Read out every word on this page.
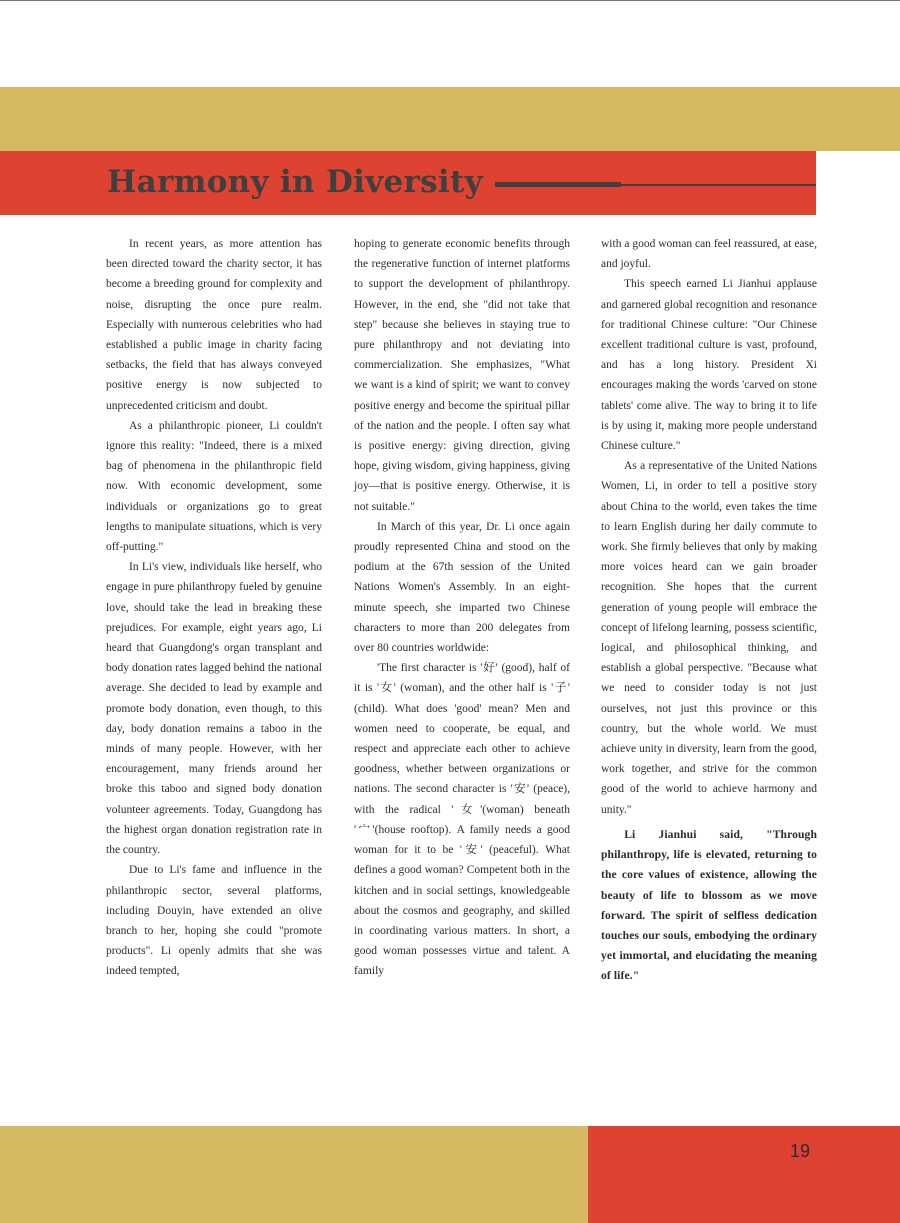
Harmony in Diversity

In recent years, as more attention has been directed toward the charity sector, it has become a breeding ground for complexity and noise, disrupting the once pure realm. Especially with numerous celebrities who had established a public image in charity facing setbacks, the field that has always conveyed positive energy is now subjected to unprecedented criticism and doubt.

As a philanthropic pioneer, Li couldn't ignore this reality: "Indeed, there is a mixed bag of phenomena in the philanthropic field now. With economic development, some individuals or organizations go to great lengths to manipulate situations, which is very off-putting."

In Li's view, individuals like herself, who engage in pure philanthropy fueled by genuine love, should take the lead in breaking these prejudices. For example, eight years ago, Li heard that Guangdong's organ transplant and body donation rates lagged behind the national average. She decided to lead by example and promote body donation, even though, to this day, body donation remains a taboo in the minds of many people. However, with her encouragement, many friends around her broke this taboo and signed body donation volunteer agreements. Today, Guangdong has the highest organ donation registration rate in the country.

Due to Li's fame and influence in the philanthropic sector, several platforms, including Douyin, have extended an olive branch to her, hoping she could "promote products". Li openly admits that she was indeed tempted,

hoping to generate economic benefits through the regenerative function of internet platforms to support the development of philanthropy. However, in the end, she "did not take that step" because she believes in staying true to pure philanthropy and not deviating into commercialization. She emphasizes, "What we want is a kind of spirit; we want to convey positive energy and become the spiritual pillar of the nation and the people. I often say what is positive energy: giving direction, giving hope, giving wisdom, giving happiness, giving joy—that is positive energy. Otherwise, it is not suitable."

In March of this year, Dr. Li once again proudly represented China and stood on the podium at the 67th session of the United Nations Women's Assembly. In an eight-minute speech, she imparted two Chinese characters to more than 200 delegates from over 80 countries worldwide:

'The first character is '好' (good), half of it is '女' (woman), and the other half is '子' (child). What does 'good' mean? Men and women need to cooperate, be equal, and respect and appreciate each other to achieve goodness, whether between organizations or nations. The second character is '安' (peace), with the radical '女'(woman) beneath '宀'(house rooftop). A family needs a good woman for it to be '安' (peaceful). What defines a good woman? Competent both in the kitchen and in social settings, knowledgeable about the cosmos and geography, and skilled in coordinating various matters. In short, a good woman possesses virtue and talent. A family

with a good woman can feel reassured, at ease, and joyful.

This speech earned Li Jianhui applause and garnered global recognition and resonance for traditional Chinese culture: "Our Chinese excellent traditional culture is vast, profound, and has a long history. President Xi encourages making the words 'carved on stone tablets' come alive. The way to bring it to life is by using it, making more people understand Chinese culture."

As a representative of the United Nations Women, Li, in order to tell a positive story about China to the world, even takes the time to learn English during her daily commute to work. She firmly believes that only by making more voices heard can we gain broader recognition. She hopes that the current generation of young people will embrace the concept of lifelong learning, possess scientific, logical, and philosophical thinking, and establish a global perspective. "Because what we need to consider today is not just ourselves, not just this province or this country, but the whole world. We must achieve unity in diversity, learn from the good, work together, and strive for the common good of the world to achieve harmony and unity."

Li Jianhui said, "Through philanthropy, life is elevated, returning to the core values of existence, allowing the beauty of life to blossom as we move forward. The spirit of selfless dedication touches our souls, embodying the ordinary yet immortal, and elucidating the meaning of life."

19
